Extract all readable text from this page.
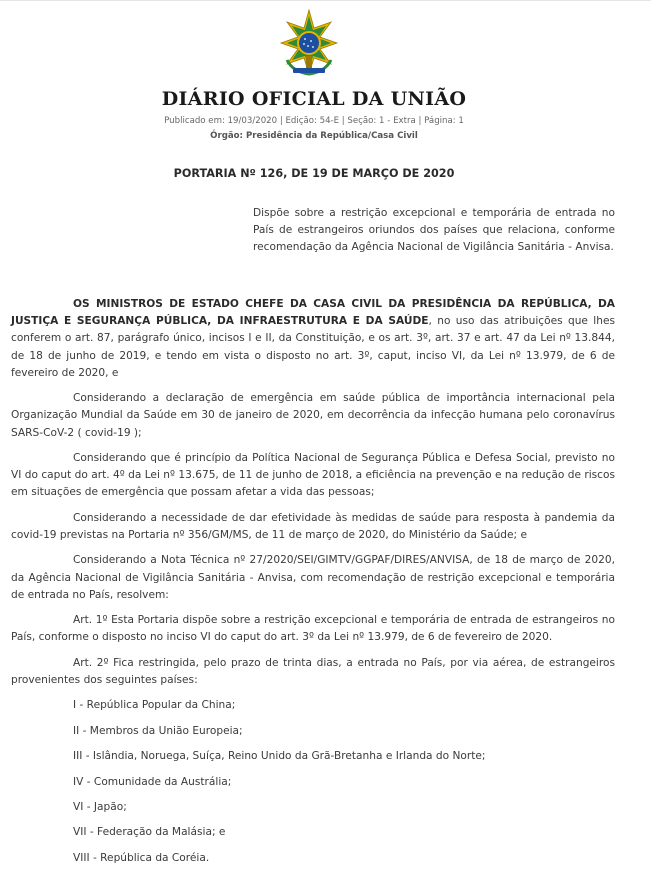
DIÁRIO OFICIAL DA UNIÃO
Publicado em: 19/03/2020 | Edição: 54-E | Seção: 1 - Extra | Página: 1
Órgão: Presidência da República/Casa Civil
PORTARIA Nº 126, DE 19 DE MARÇO DE 2020
Dispõe sobre a restrição excepcional e temporária de entrada no País de estrangeiros oriundos dos países que relaciona, conforme recomendação da Agência Nacional de Vigilância Sanitária - Anvisa.

OS MINISTROS DE ESTADO CHEFE DA CASA CIVIL DA PRESIDÊNCIA DA REPÚBLICA, DA JUSTIÇA E SEGURANÇA PÚBLICA, DA INFRAESTRUTURA E DA SAÚDE, no uso das atribuições que lhes conferem o art. 87, parágrafo único, incisos I e II, da Constituição, e os art. 3º, art. 37 e art. 47 da Lei nº 13.844, de 18 de junho de 2019, e tendo em vista o disposto no art. 3º, caput, inciso VI, da Lei nº 13.979, de 6 de fevereiro de 2020, e

Considerando a declaração de emergência em saúde pública de importância internacional pela Organização Mundial da Saúde em 30 de janeiro de 2020, em decorrência da infecção humana pelo coronavírus SARS-CoV-2 ( covid-19 );

Considerando que é princípio da Política Nacional de Segurança Pública e Defesa Social, previsto no VI do caput do art. 4º da Lei nº 13.675, de 11 de junho de 2018, a eficiência na prevenção e na redução de riscos em situações de emergência que possam afetar a vida das pessoas;

Considerando a necessidade de dar efetividade às medidas de saúde para resposta à pandemia da covid-19 previstas na Portaria nº 356/GM/MS, de 11 de março de 2020, do Ministério da Saúde; e

Considerando a Nota Técnica nº 27/2020/SEI/GIMTV/GGPAF/DIRES/ANVISA, de 18 de março de 2020, da Agência Nacional de Vigilância Sanitária - Anvisa, com recomendação de restrição excepcional e temporária de entrada no País, resolvem:

Art. 1º Esta Portaria dispõe sobre a restrição excepcional e temporária de entrada de estrangeiros no País, conforme o disposto no inciso VI do caput do art. 3º da Lei nº 13.979, de 6 de fevereiro de 2020.

Art. 2º Fica restringida, pelo prazo de trinta dias, a entrada no País, por via aérea, de estrangeiros provenientes dos seguintes países:

I - República Popular da China;

II - Membros da União Europeia;

III - Islândia, Noruega, Suíça, Reino Unido da Grã-Bretanha e Irlanda do Norte;

IV - Comunidade da Austrália;

VI - Japão;

VII - Federação da Malásia; e

VIII - República da Coréia.
